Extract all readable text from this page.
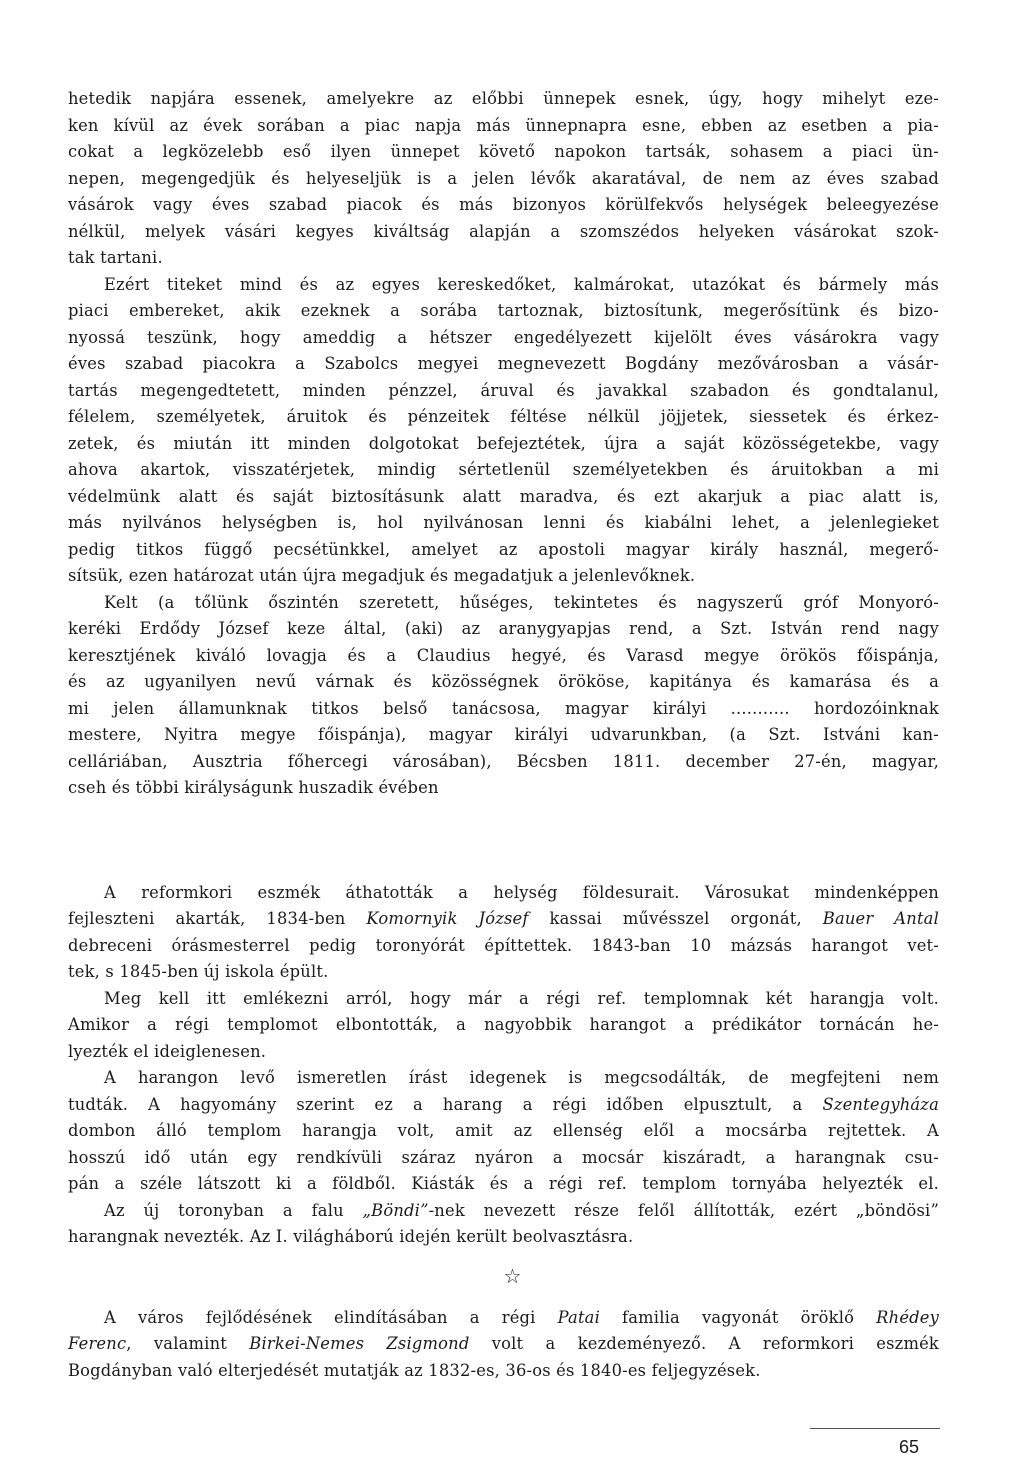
hetedik napjára essenek, amelyekre az előbbi ünnepek esnek, úgy, hogy mihelyt eze-
ken kívül az évek sorában a piac napja más ünnepnapra esne, ebben az esetben a pia-
cokat a legközelebb eső ilyen ünnepet követő napokon tartsák, sohasem a piaci ün-
nepen, megengedjük és helyeseljük is a jelen lévők akaratával, de nem az éves szabad
vásárok vagy éves szabad piacok és más bizonyos körülfekvős helységek beleegyezése
nélkül, melyek vásári kegyes kiváltság alapján a szomszédos helyeken vásárokat szok-
tak tartani.
Ezért titeket mind és az egyes kereskedőket, kalmárokat, utazókat és bármely más
piaci embereket, akik ezeknek a sorába tartoznak, biztosítunk, megerősítünk és bizo-
nyossá teszünk, hogy ameddig a hétszer engedélyezett kijelölt éves vásárokra vagy
éves szabad piacokra a Szabolcs megyei megnevezett Bogdány mezővárosban a vásár-
tartás megengedtetett, minden pénzzel, áruval és javakkal szabadon és gondtalanul,
félelem, személyetek, áruitok és pénzeitek féltése nélkül jöjjetek, siessetek és érkez-
zetek, és miután itt minden dolgotokat befejeztétek, újra a saját közösségetekbe, vagy
ahova akartok, visszatérjetek, mindig sértetlenül személyetekben és áruitokban a mi
védelmünk alatt és saját biztosításunk alatt maradva, és ezt akarjuk a piac alatt is,
más nyilvános helységben is, hol nyilvánosan lenni és kiabálni lehet, a jelenlegieket
pedig titkos függő pecsétünkkel, amelyet az apostoli magyar király használ, megerő-
sítsük, ezen határozat után újra megadjuk és megadatjuk a jelenlevőknek.
Kelt (a tőlünk őszintén szeretett, hűséges, tekintetes és nagyszerű gróf Monyoró-
keréki Erdődy József keze által, (aki) az aranygyapjas rend, a Szt. István rend nagy
keresztjének kiváló lovagja és a Claudius hegyé, és Varasd megye örökös főispánja,
és az ugyanilyen nevű várnak és közösségnek örököse, kapitánya és kamarása és a
mi jelen államunknak titkos belső tanácsosa, magyar királyi ........... hordozóinknak
mestere, Nyitra megye főispánja), magyar királyi udvarunkban, (a Szt. Istváni kan-
celláriában, Ausztria főhercegi városában), Bécsben 1811. december 27-én, magyar,
cseh és többi királyságunk huszadik évében
A reformkori eszmék áthatották a helység földesurait. Városukat mindenképpen
fejleszteni akarták, 1834-ben Komornyik József kassai művésszel orgonát, Bauer Antal
debreceni órásmesterrel pedig toronyórát építtettek. 1843-ban 10 mázsás harangot vet-
tek, s 1845-ben új iskola épült.
Meg kell itt emlékezni arról, hogy már a régi ref. templomnak két harangja volt.
Amikor a régi templomot elbontották, a nagyobbik harangot a prédikátor tornácán he-
lyezték el ideiglenesen.
A harangon levő ismeretlen írást idegenek is megcsodálták, de megfejteni nem
tudták. A hagyomány szerint ez a harang a régi időben elpusztult, a Szentegyháza
dombon álló templom harangja volt, amit az ellenség elől a mocsárba rejtettek. A
hosszú idő után egy rendkívüli száraz nyáron a mocsár kiszáradt, a harangnak csu-
pán a széle látszott ki a földből. Kiásták és a régi ref. templom tornyába helyezték el.
Az új toronyban a falu „Böndi”-nek nevezett része felől állították, ezért „böndösi”
harangnak nevezték. Az I. világháború idején került beolvasztásra.
☆
A város fejlődésének elindításában a régi Patai familia vagyonát öröklő Rhédey
Ferenc, valamint Birkei-Nemes Zsigmond volt a kezdeményező. A reformkori eszmék
Bogdányban való elterjedését mutatják az 1832-es, 36-os és 1840-es feljegyzések.
65
